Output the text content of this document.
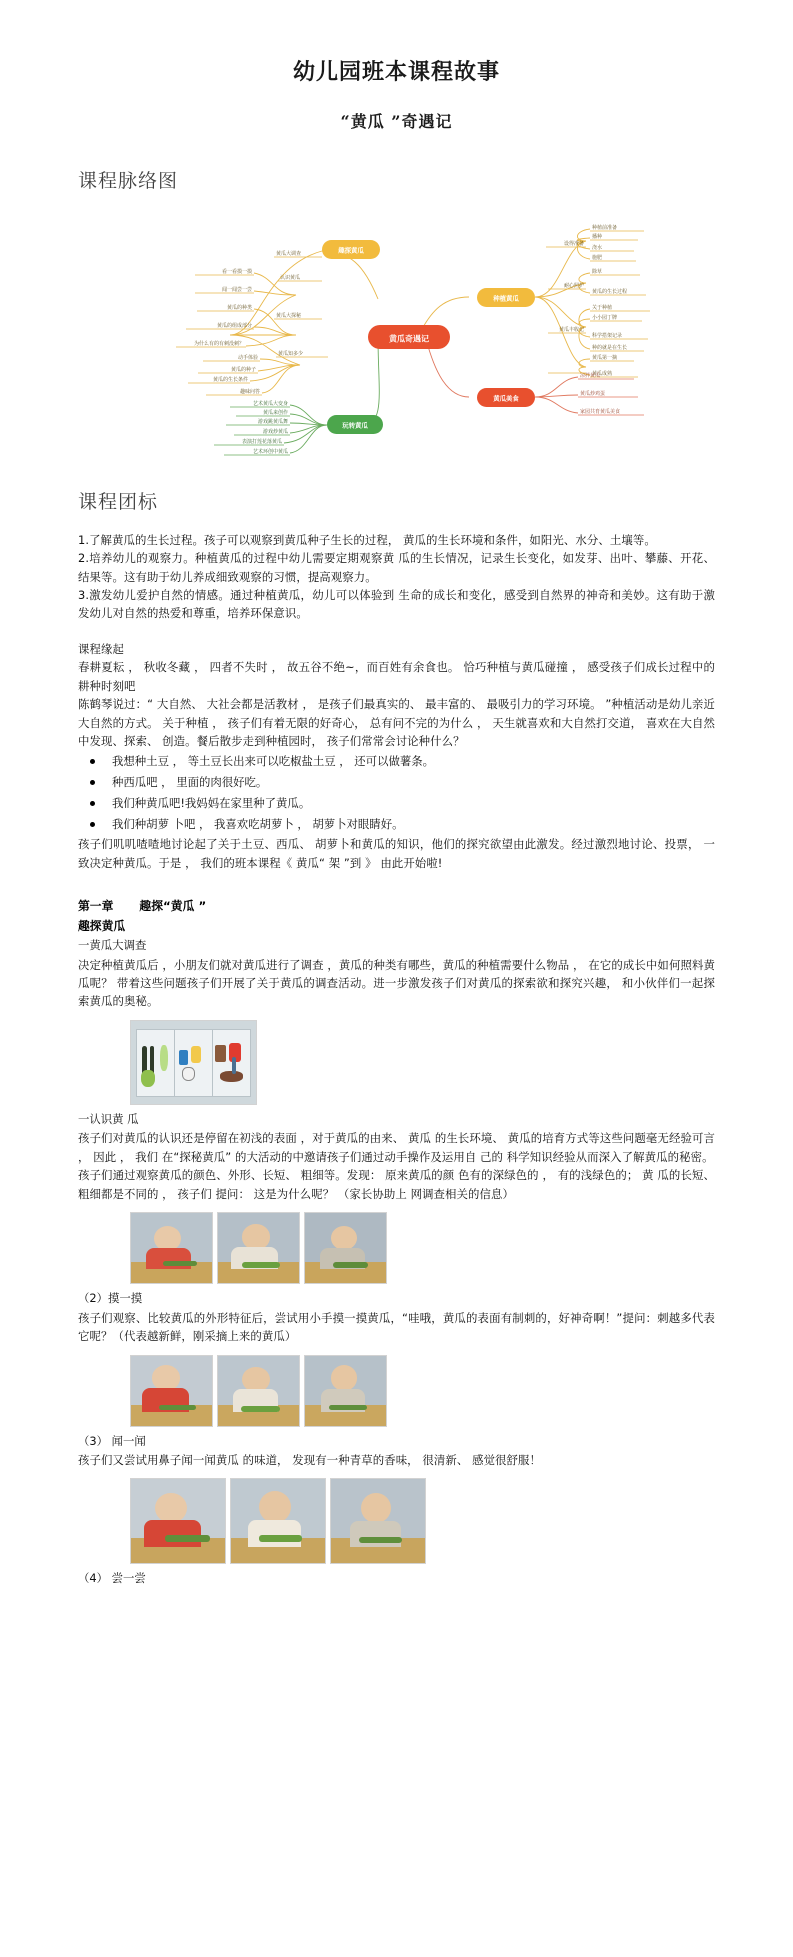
幼儿园班本课程故事
“黄瓜 ”奇遇记
课程脉络图
看一看摸一摸
闻一闻尝一尝
黄瓜的种类
黄瓜的组成部分
为什么有的有刺没刺？
动手体验
黄瓜的种子
黄瓜的生长条件
趣味问答
黄瓜大调查
认识黄瓜
黄瓜大探秘
黄瓜知多少
艺术黄瓜大变身
黄瓜来创作
游戏跳黄瓜舞
游戏炒黄瓜
表演打莲花落黄瓜
艺术环创中黄瓜
设得准备
耐心照护
黄瓜丰收记
种植前准备
播种
浇水
施肥
除草
黄瓜的生长过程
关于种植
小小园丁牌
科学搭架记录
种的就是在生长
黄瓜第一摘
黄瓜成熟
凉拌黄瓜
黄瓜炒鸡蛋
家园共育黄瓜美食
趣探黄瓜
玩转黄瓜
种植黄瓜
黄瓜美食
黄瓜奇遇记
课程团标

1.了解黄瓜的生长过程。孩子可以观察到黄瓜种子生长的过程， 黄瓜的生长环境和条件，如阳光、水分、土壤等。

2.培养幼儿的观察力。种植黄瓜的过程中幼儿需要定期观察黄 瓜的生长情况，记录生长变化，如发芽、出叶、攀藤、开花、 结果等。这有助于幼儿养成细致观察的习惯，提高观察力。

3.激发幼儿爱护自然的情感。通过种植黄瓜，幼儿可以体验到 生命的成长和变化，感受到自然界的神奇和美妙。这有助于激 发幼儿对自然的热爱和尊重，培养环保意识。

课程缘起

春耕夏耘 ， 秋收冬藏 ， 四者不失时 ， 故五谷不绝~，而百姓有余食也。 恰巧种植与黄瓜碰撞 ， 感受孩子们成长过程中的耕种时刻吧

陈鹤琴说过：“ 大自然、 大社会都是活教材 ， 是孩子们最真实的、 最丰富的、 最吸引力的学习环境。 ”种植活动是幼儿亲近大自然的方式。 关于种植 ， 孩子们有着无限的好奇心， 总有问不完的为什么 ， 天生就喜欢和大自然打交道， 喜欢在大自然中发现、探索、 创造。餐后散步走到种植园时， 孩子们常常会讨论种什么？

我想种土豆 ， 等土豆长出来可以吃椒盐土豆 ， 还可以做薯条。
种西瓜吧 ， 里面的肉很好吃。
我们种黄瓜吧!我妈妈在家里种了黄瓜。
我们种胡萝 卜吧 ， 我喜欢吃胡萝卜 ， 胡萝卜对眼睛好。

孩子们叽叽喳喳地讨论起了关于土豆、西瓜、 胡萝卜和黄瓜的知识，他们的探究欲望由此激发。经过激烈地讨论、投票， 一致决定种黄瓜。于是 ， 我们的班本课程《 黄瓜“ 架 ”到 》 由此开始啦!

第一章 趣探“黄瓜 ”

趣探黄瓜

一黄瓜大调查

决定种植黄瓜后 ，小朋友们就对黄瓜进行了调查 ，黄瓜的种类有哪些，黄瓜的种植需要什么物品 ， 在它的成长中如何照料黄瓜呢？ 带着这些问题孩子们开展了关于黄瓜的调查活动。进一步激发孩子们对黄瓜的探索欲和探究兴趣， 和小伙伴们一起探索黄瓜的奥秘。

一认识黄 瓜

孩子们对黄瓜的认识还是停留在初浅的表面 ，对于黄瓜的由来、 黄瓜 的生长环境、 黄瓜的培育方式等这些问题毫无经验可言 ， 因此 ， 我们 在“探秘黄瓜” 的大活动的中邀请孩子们通过动手操作及运用自 己的 科学知识经验从而深入了解黄瓜的秘密。

孩子们通过观察黄瓜的颜色、外形、长短、 粗细等。发现： 原来黄瓜的颜 色有的深绿色的 ， 有的浅绿色的； 黄 瓜的长短、 粗细都是不同的 ， 孩子们 提问： 这是为什么呢？ （家长协助上 网调查相关的信息）

（2）摸一摸

孩子们观察、比较黄瓜的外形特征后，尝试用小手摸一摸黄瓜，“哇哦，黄瓜的表面有制刺的，好神奇啊！”提问：刺越多代表它呢？（代表越新鲜，刚采摘上来的黄瓜）

（3） 闻一闻

孩子们又尝试用鼻子闻一闻黄瓜 的味道， 发现有一种青草的香味， 很清新、 感觉很舒服！

（4） 尝一尝
